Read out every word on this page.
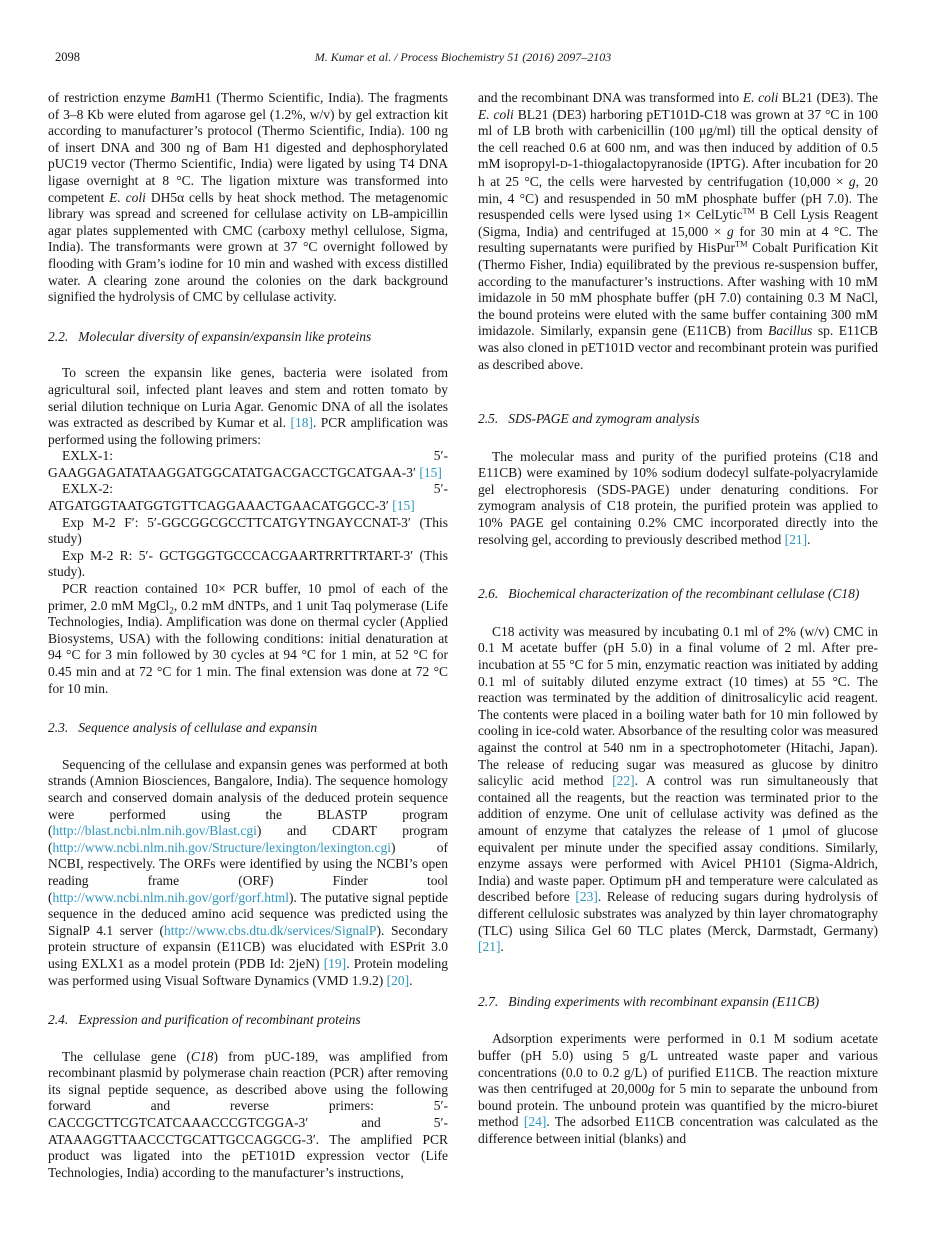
2098	M. Kumar et al. / Process Biochemistry 51 (2016) 2097–2103

of restriction enzyme BamH1 (Thermo Scientific, India). The fragments of 3–8 Kb were eluted from agarose gel (1.2%, w/v) by gel extraction kit according to manufacturer’s protocol (Thermo Scientific, India). 100 ng of insert DNA and 300 ng of Bam H1 digested and dephosphorylated pUC19 vector (Thermo Scientific, India) were ligated by using T4 DNA ligase overnight at 8 °C. The ligation mixture was transformed into competent E. coli DH5α cells by heat shock method. The metagenomic library was spread and screened for cellulase activity on LB-ampicillin agar plates supplemented with CMC (carboxy methyl cellulose, Sigma, India). The transformants were grown at 37 °C overnight followed by flooding with Gram’s iodine for 10 min and washed with excess distilled water. A clearing zone around the colonies on the dark background signified the hydrolysis of CMC by cellulase activity.

2.2. Molecular diversity of expansin/expansin like proteins

To screen the expansin like genes, bacteria were isolated from agricultural soil, infected plant leaves and stem and rotten tomato by serial dilution technique on Luria Agar. Genomic DNA of all the isolates was extracted as described by Kumar et al. [18]. PCR amplification was performed using the following primers:

EXLX-1: 5′-GAAGGAGATATAAGGATGGCATATGACGACCTGCATGAA-3′ [15]

EXLX-2: 5′- ATGATGGTAATGGTGTTCAGGAAACTGAACATGGCC-3′ [15]

Exp M-2 F′: 5′-GGCGGCGCCTTCATGYTNGAYCCNAT-3′ (This study)

Exp M-2 R: 5′- GCTGGGTGCCCACGAARTRRTTRTART-3′ (This study).

PCR reaction contained 10× PCR buffer, 10 pmol of each of the primer, 2.0 mM MgCl$_2$, 0.2 mM dNTPs, and 1 unit Taq polymerase (Life Technologies, India). Amplification was done on thermal cycler (Applied Biosystems, USA) with the following conditions: initial denaturation at 94 °C for 3 min followed by 30 cycles at 94 °C for 1 min, at 52 °C for 0.45 min and at 72 °C for 1 min. The final extension was done at 72 °C for 10 min.

2.3. Sequence analysis of cellulase and expansin

Sequencing of the cellulase and expansin genes was performed at both strands (Amnion Biosciences, Bangalore, India). The sequence homology search and conserved domain analysis of the deduced protein sequence were performed using the BLASTP program (http://blast.ncbi.nlm.nih.gov/Blast.cgi) and CDART program (http://www.ncbi.nlm.nih.gov/Structure/lexington/lexington.cgi) of NCBI, respectively. The ORFs were identified by using the NCBI’s open reading frame (ORF) Finder tool (http://www.ncbi.nlm.nih.gov/gorf/gorf.html). The putative signal peptide sequence in the deduced amino acid sequence was predicted using the SignalP 4.1 server (http://www.cbs.dtu.dk/services/SignalP). Secondary protein structure of expansin (E11CB) was elucidated with ESPrit 3.0 using EXLX1 as a model protein (PDB Id: 2jeN) [19]. Protein modeling was performed using Visual Software Dynamics (VMD 1.9.2) [20].

2.4. Expression and purification of recombinant proteins

The cellulase gene (C18) from pUC-189, was amplified from recombinant plasmid by polymerase chain reaction (PCR) after removing its signal peptide sequence, as described above using the following forward and reverse primers: 5′- CACCGCTTCGTCATCAAACCCGTCGGA-3′ and 5′-ATAAAGGTTAACCCTGCATTGCCAGGCG-3′. The amplified PCR product was ligated into the pET101D expression vector (Life Technologies, India) according to the manufacturer’s instructions,

and the recombinant DNA was transformed into E. coli BL21 (DE3). The E. coli BL21 (DE3) harboring pET101D-C18 was grown at 37 °C in 100 ml of LB broth with carbenicillin (100 μg/ml) till the optical density of the cell reached 0.6 at 600 nm, and was then induced by addition of 0.5 mM isopropyl-D-1-thiogalactopyranoside (IPTG). After incubation for 20 h at 25 °C, the cells were harvested by centrifugation (10,000 × g, 20 min, 4 °C) and resuspended in 50 mM phosphate buffer (pH 7.0). The resuspended cells were lysed using 1× CelLytic™ B Cell Lysis Reagent (Sigma, India) and centrifuged at 15,000 × g for 30 min at 4 °C. The resulting supernatants were purified by HisPur™ Cobalt Purification Kit (Thermo Fisher, India) equilibrated by the previous re-suspension buffer, according to the manufacturer’s instructions. After washing with 10 mM imidazole in 50 mM phosphate buffer (pH 7.0) containing 0.3 M NaCl, the bound proteins were eluted with the same buffer containing 300 mM imidazole. Similarly, expansin gene (E11CB) from Bacillus sp. E11CB was also cloned in pET101D vector and recombinant protein was purified as described above.

2.5. SDS-PAGE and zymogram analysis

The molecular mass and purity of the purified proteins (C18 and E11CB) were examined by 10% sodium dodecyl sulfate-polyacrylamide gel electrophoresis (SDS-PAGE) under denaturing conditions. For zymogram analysis of C18 protein, the purified protein was applied to 10% PAGE gel containing 0.2% CMC incorporated directly into the resolving gel, according to previously described method [21].

2.6. Biochemical characterization of the recombinant cellulase (C18)

C18 activity was measured by incubating 0.1 ml of 2% (w/v) CMC in 0.1 M acetate buffer (pH 5.0) in a final volume of 2 ml. After pre-incubation at 55 °C for 5 min, enzymatic reaction was initiated by adding 0.1 ml of suitably diluted enzyme extract (10 times) at 55 °C. The reaction was terminated by the addition of dinitrosalicylic acid reagent. The contents were placed in a boiling water bath for 10 min followed by cooling in ice-cold water. Absorbance of the resulting color was measured against the control at 540 nm in a spectrophotometer (Hitachi, Japan). The release of reducing sugar was measured as glucose by dinitro salicylic acid method [22]. A control was run simultaneously that contained all the reagents, but the reaction was terminated prior to the addition of enzyme. One unit of cellulase activity was defined as the amount of enzyme that catalyzes the release of 1 μmol of glucose equivalent per minute under the specified assay conditions. Similarly, enzyme assays were performed with Avicel PH101 (Sigma-Aldrich, India) and waste paper. Optimum pH and temperature were calculated as described before [23]. Release of reducing sugars during hydrolysis of different cellulosic substrates was analyzed by thin layer chromatography (TLC) using Silica Gel 60 TLC plates (Merck, Darmstadt, Germany) [21].

2.7. Binding experiments with recombinant expansin (E11CB)

Adsorption experiments were performed in 0.1 M sodium acetate buffer (pH 5.0) using 5 g/L untreated waste paper and various concentrations (0.0 to 0.2 g/L) of purified E11CB. The reaction mixture was then centrifuged at 20,000g for 5 min to separate the unbound from bound protein. The unbound protein was quantified by the micro-biuret method [24]. The adsorbed E11CB concentration was calculated as the difference between initial (blanks) and
